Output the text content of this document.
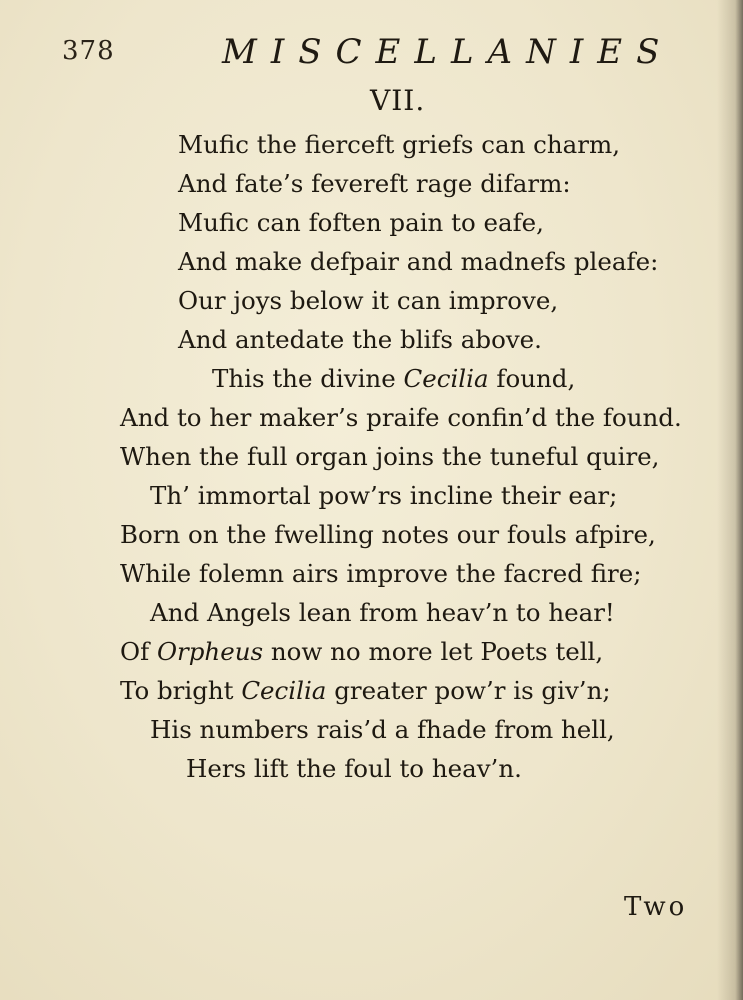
378	MISCELLANIES
VII.
Mufic the fierceft griefs can charm,
And fate’s fevereft rage difarm:
Mufic can foften pain to eafe,
And make defpair and madnefs pleafe:
Our joys below it can improve,
And antedate the blifs above.
This the divine Cecilia found,
And to her maker’s praife confin’d the found.
When the full organ joins the tuneful quire,
Th’ immortal pow’rs incline their ear;
Born on the fwelling notes our fouls afpire,
While folemn airs improve the facred fire;
And Angels lean from heav’n to hear!
Of Orpheus now no more let Poets tell,
To bright Cecilia greater pow’r is giv’n;
His numbers rais’d a fhade from hell,
Hers lift the foul to heav’n.
Two
